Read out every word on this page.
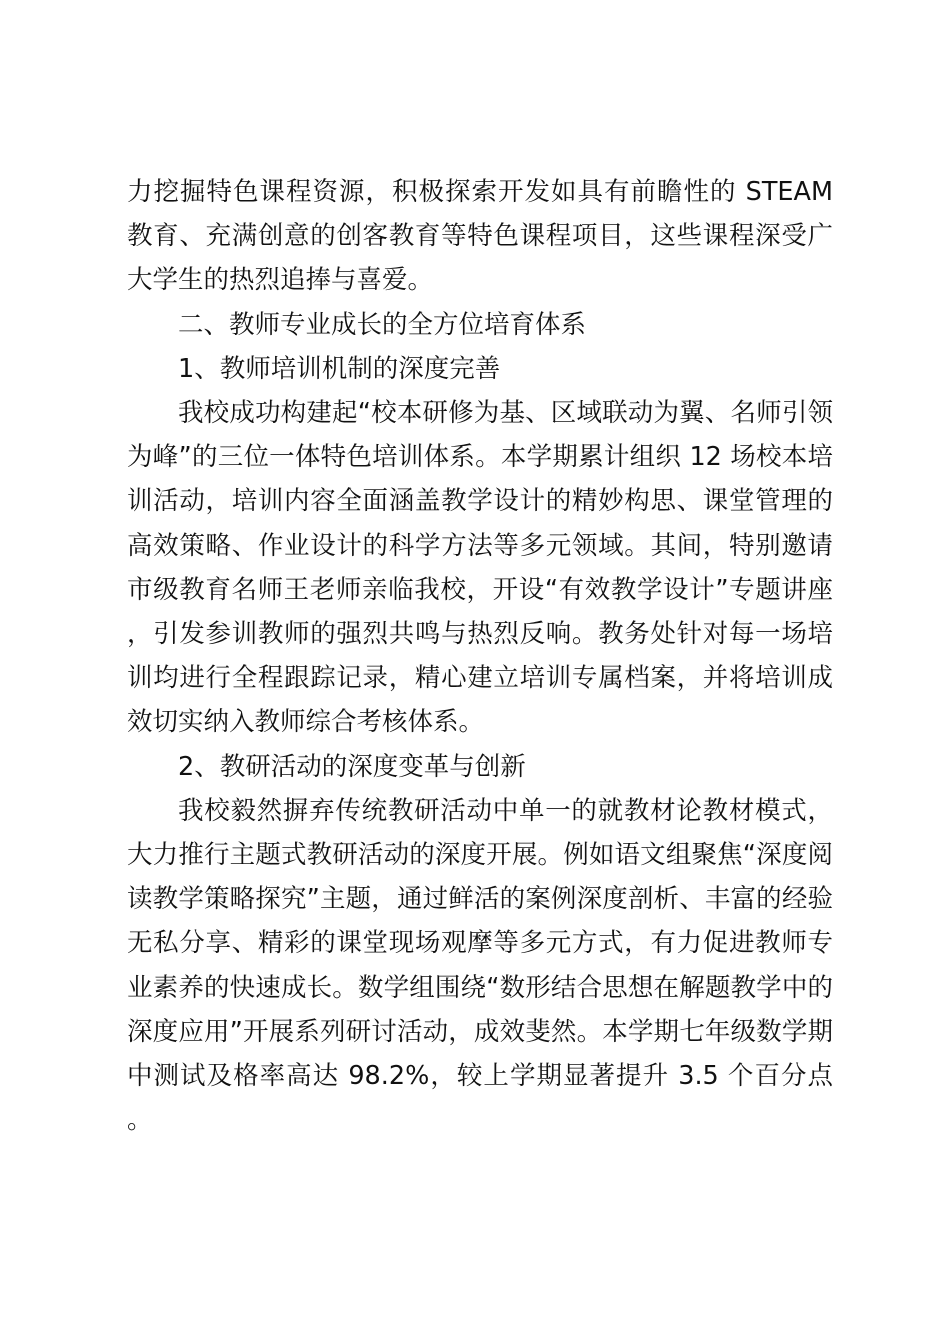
力挖掘特色课程资源，积极探索开发如具有前瞻性的 STEAM 教育、充满创意的创客教育等特色课程项目，这些课程深受广大学生的热烈追捧与喜爱。

二、教师专业成长的全方位培育体系

1、教师培训机制的深度完善

我校成功构建起“校本研修为基、区域联动为翼、名师引领为峰”的三位一体特色培训体系。本学期累计组织 12 场校本培训活动，培训内容全面涵盖教学设计的精妙构思、课堂管理的高效策略、作业设计的科学方法等多元领域。其间，特别邀请市级教育名师王老师亲临我校，开设“有效教学设计”专题讲座，引发参训教师的强烈共鸣与热烈反响。教务处针对每一场培训均进行全程跟踪记录，精心建立培训专属档案，并将培训成效切实纳入教师综合考核体系。

2、教研活动的深度变革与创新

我校毅然摒弃传统教研活动中单一的就教材论教材模式，大力推行主题式教研活动的深度开展。例如语文组聚焦“深度阅读教学策略探究”主题，通过鲜活的案例深度剖析、丰富的经验无私分享、精彩的课堂现场观摩等多元方式，有力促进教师专业素养的快速成长。数学组围绕“数形结合思想在解题教学中的深度应用”开展系列研讨活动，成效斐然。本学期七年级数学期中测试及格率高达 98.2%，较上学期显著提升 3.5 个百分点。
